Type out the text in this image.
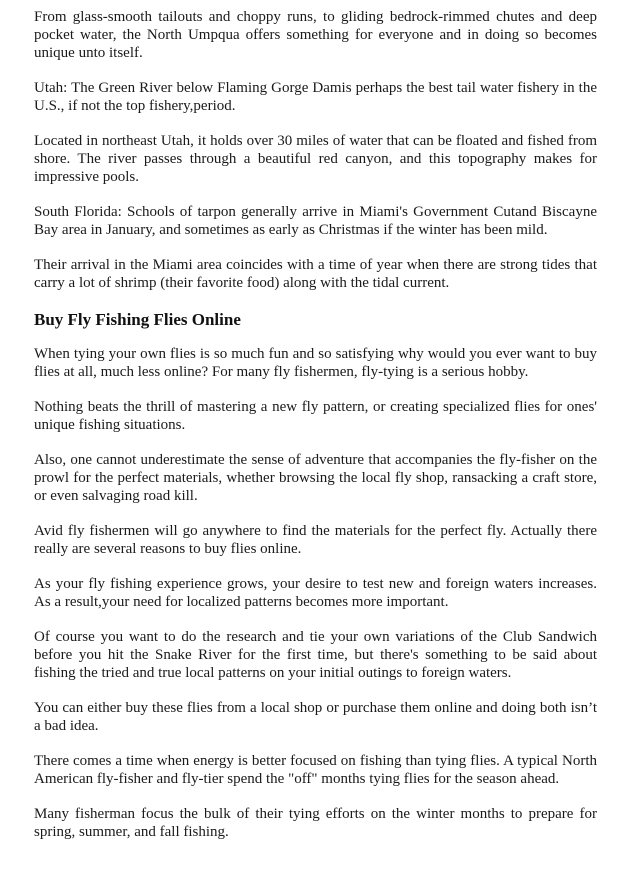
From glass-smooth tailouts and choppy runs, to gliding bedrock-rimmed chutes and deep pocket water, the North Umpqua offers something for everyone and in doing so becomes unique unto itself.

Utah: The Green River below Flaming Gorge Damis perhaps the best tail water fishery in the U.S., if not the top fishery,period.

Located in northeast Utah, it holds over 30 miles of water that can be floated and fished from shore. The river passes through a beautiful red canyon, and this topography makes for impressive pools.

South Florida: Schools of tarpon generally arrive in Miami's Government Cutand Biscayne Bay area in January, and sometimes as early as Christmas if the winter has been mild.

Their arrival in the Miami area coincides with a time of year when there are strong tides that carry a lot of shrimp (their favorite food) along with the tidal current.

Buy Fly Fishing Flies Online

When tying your own flies is so much fun and so satisfying why would you ever want to buy flies at all, much less online? For many fly fishermen, fly-tying is a serious hobby.

Nothing beats the thrill of mastering a new fly pattern, or creating specialized flies for ones' unique fishing situations.

Also, one cannot underestimate the sense of adventure that accompanies the fly-fisher on the prowl for the perfect materials, whether browsing the local fly shop, ransacking a craft store, or even salvaging road kill.

Avid fly fishermen will go anywhere to find the materials for the perfect fly. Actually there really are several reasons to buy flies online.

As your fly fishing experience grows, your desire to test new and foreign waters increases. As a result,your need for localized patterns becomes more important.

Of course you want to do the research and tie your own variations of the Club Sandwich before you hit the Snake River for the first time, but there's something to be said about fishing the tried and true local patterns on your initial outings to foreign waters.

You can either buy these flies from a local shop or purchase them online and doing both isn’t a bad idea.

There comes a time when energy is better focused on fishing than tying flies. A typical North American fly-fisher and fly-tier spend the "off" months tying flies for the season ahead.

Many fisherman focus the bulk of their tying efforts on the winter months to prepare for spring, summer, and fall fishing.
